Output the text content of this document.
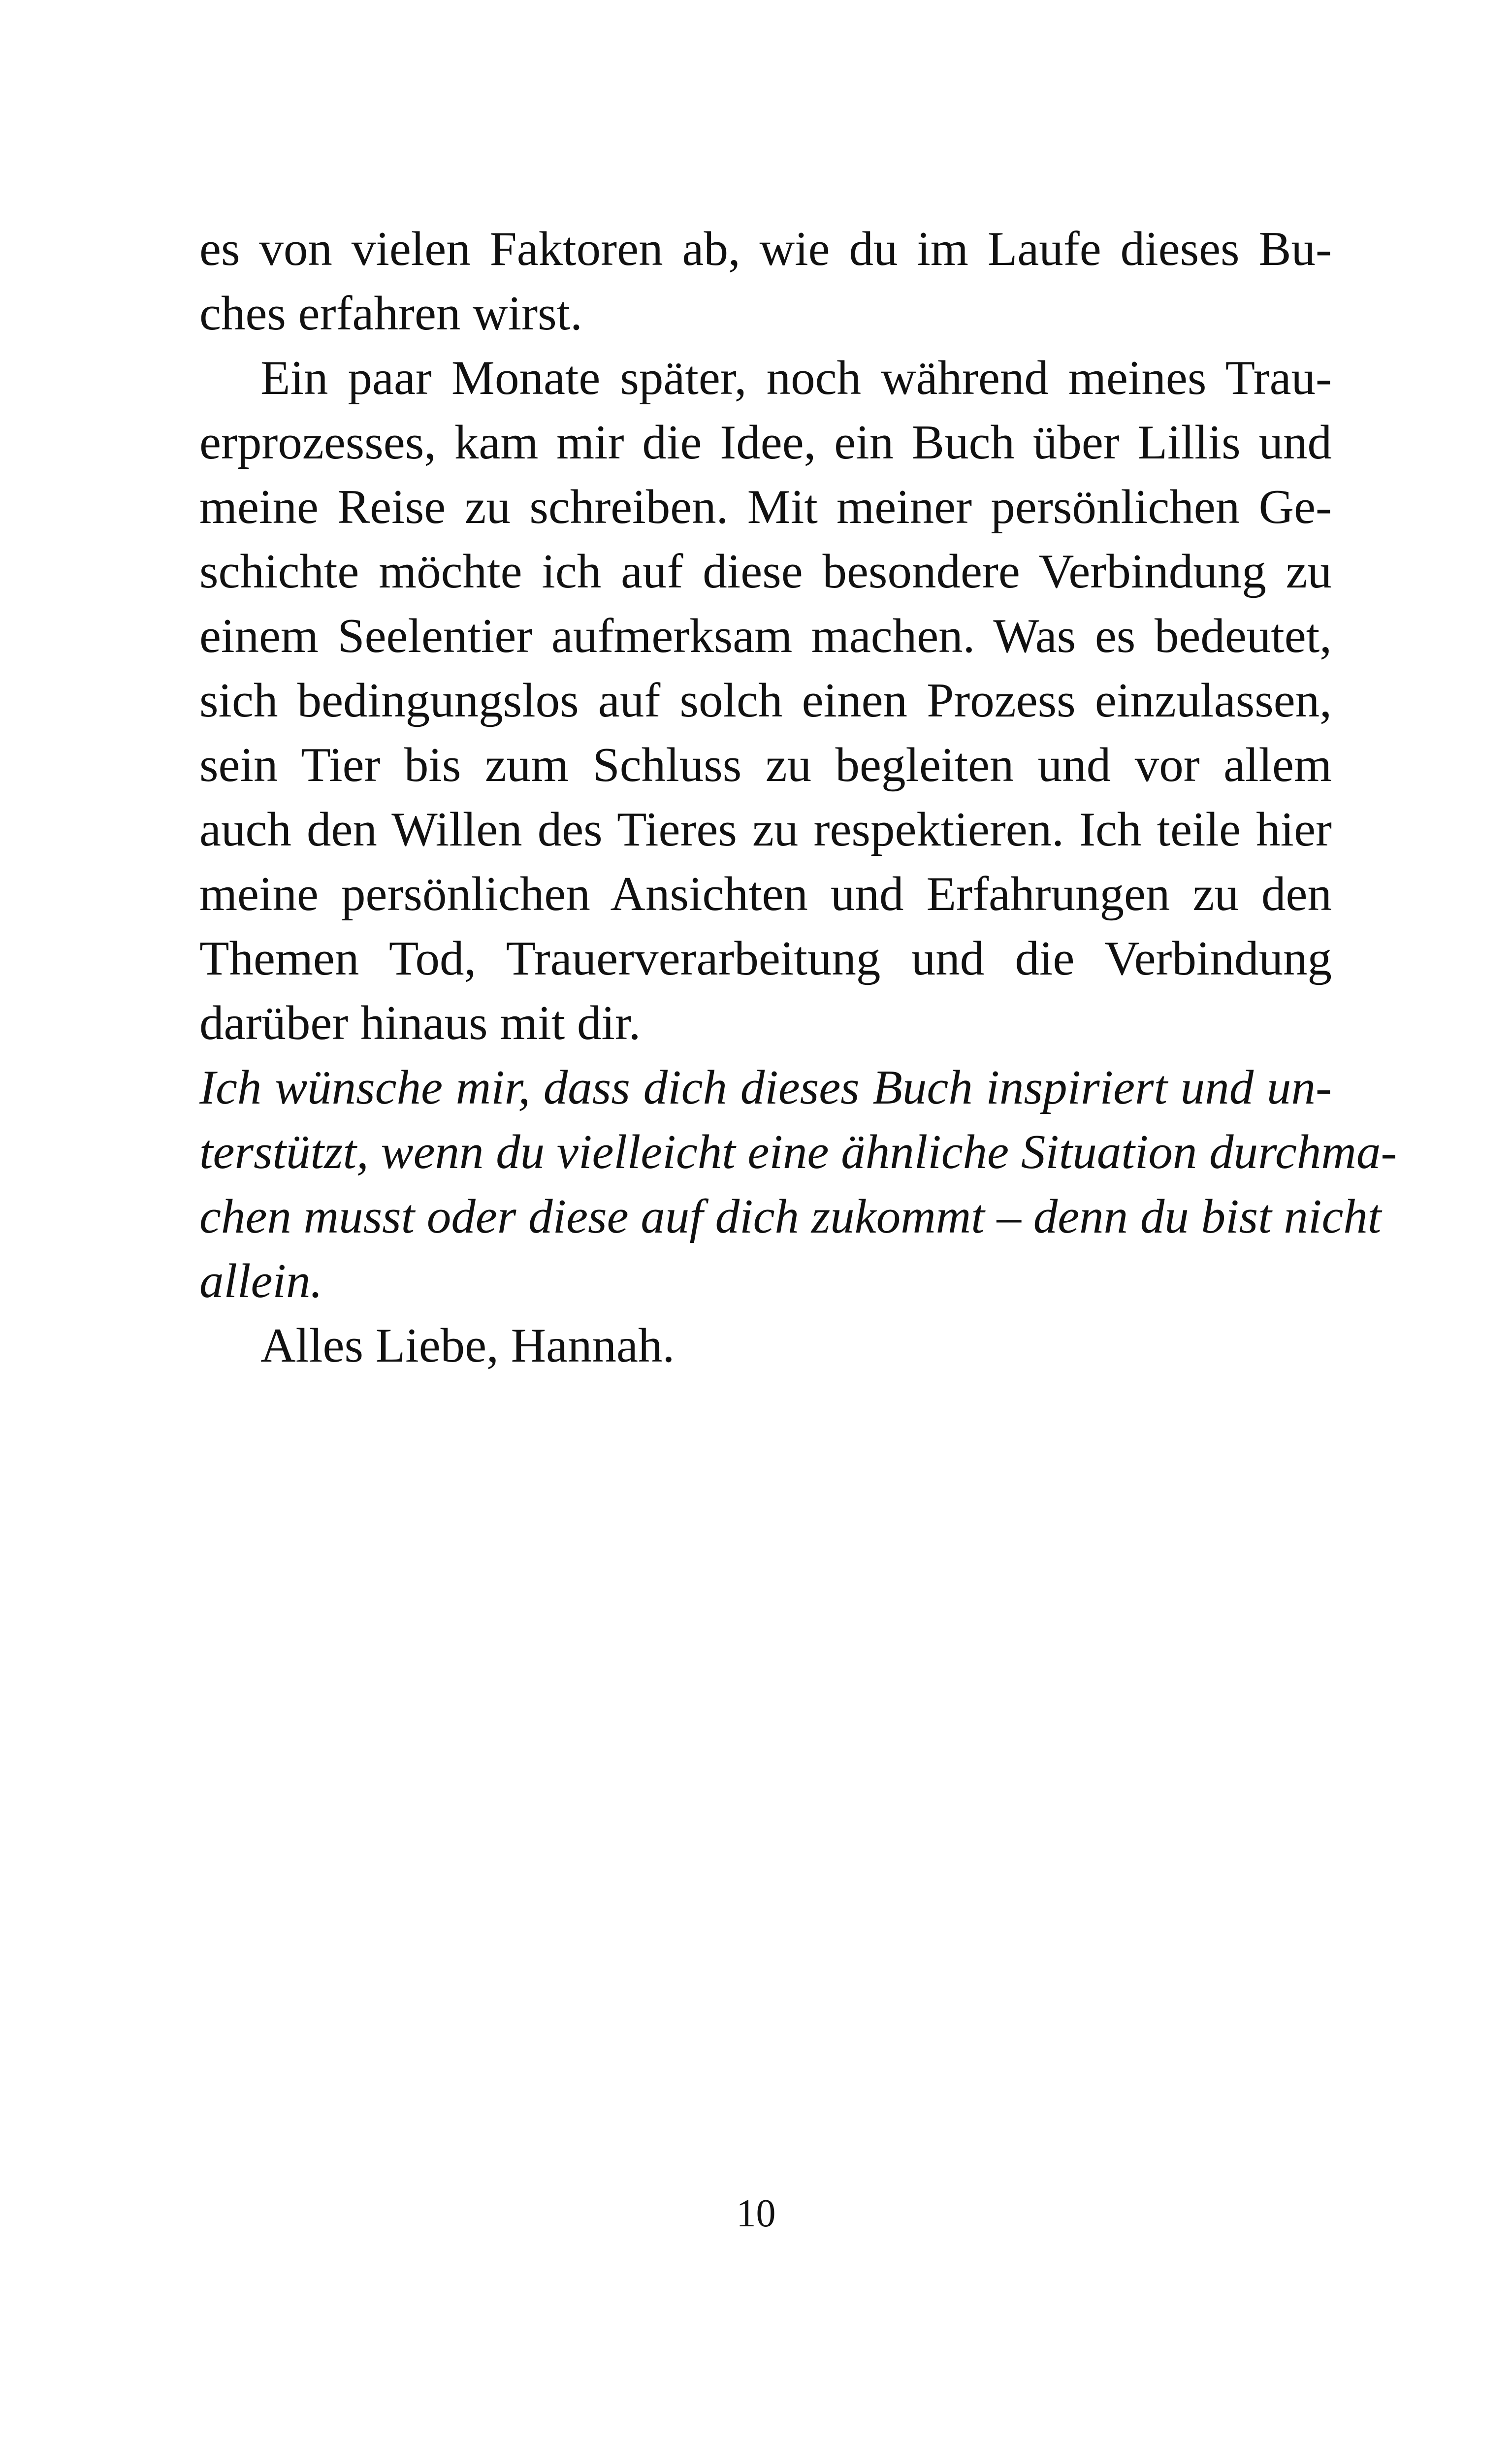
es von vielen Faktoren ab, wie du im Laufe dieses Bu-
ches erfahren wirst.

Ein paar Monate später, noch während meines Trau-
erprozesses, kam mir die Idee, ein Buch über Lillis und
meine Reise zu schreiben. Mit meiner persönlichen Ge-
schichte möchte ich auf diese besondere Verbindung zu
einem Seelentier aufmerksam machen. Was es bedeutet,
sich bedingungslos auf solch einen Prozess einzulassen,
sein Tier bis zum Schluss zu begleiten und vor allem
auch den Willen des Tieres zu respektieren. Ich teile hier
meine persönlichen Ansichten und Erfahrungen zu den
Themen Tod, Trauerverarbeitung und die Verbindung
darüber hinaus mit dir.

Ich wünsche mir, dass dich dieses Buch inspiriert und un-
terstützt, wenn du vielleicht eine ähnliche Situation durchma-
chen musst oder diese auf dich zukommt – denn du bist nicht
allein.

Alles Liebe, Hannah.

10
